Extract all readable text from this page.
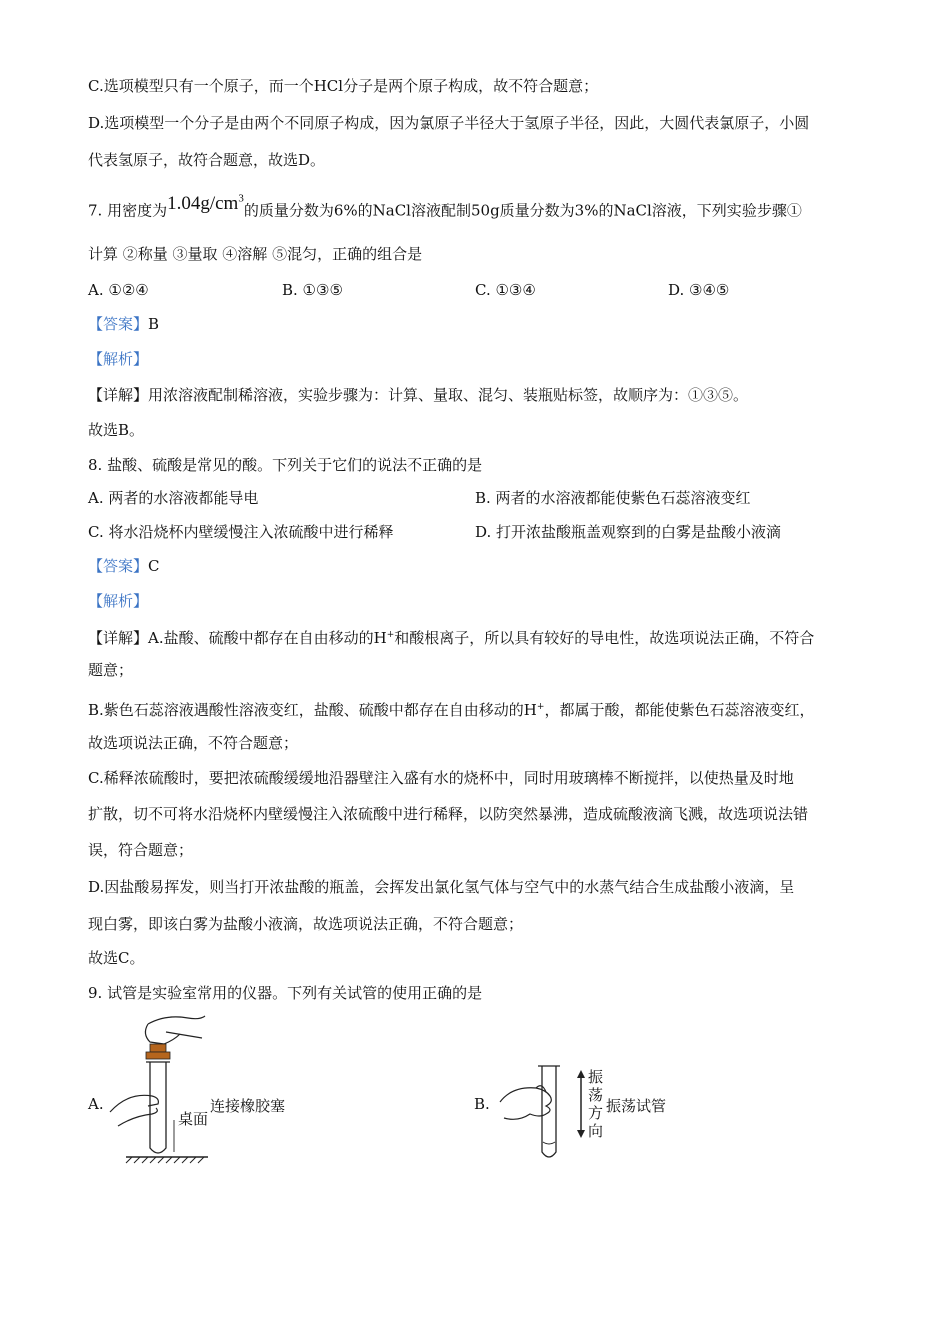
C.选项模型只有一个原子，而一个HCl分子是两个原子构成，故不符合题意；
D.选项模型一个分子是由两个不同原子构成，因为氯原子半径大于氢原子半径，因此，大圆代表氯原子，小圆
代表氢原子，故符合题意，故选D。
7. 用密度为$1.04g/cm^3$的质量分数为6%的NaCl溶液配制50g质量分数为3%的NaCl溶液，下列实验步骤①
计算 ②称量 ③量取 ④溶解 ⑤混匀，正确的组合是
A. ①②④	B. ①③⑤	C. ①③④	D. ③④⑤
【答案】B
【解析】
【详解】用浓溶液配制稀溶液，实验步骤为：计算、量取、混匀、装瓶贴标签，故顺序为：①③⑤。
故选B。
8. 盐酸、硫酸是常见的酸。下列关于它们的说法不正确的是
A. 两者的水溶液都能导电	B. 两者的水溶液都能使紫色石蕊溶液变红
C. 将水沿烧杯内壁缓慢注入浓硫酸中进行稀释	D. 打开浓盐酸瓶盖观察到的白雾是盐酸小液滴
【答案】C
【解析】
【详解】A.盐酸、硫酸中都存在自由移动的H+和酸根离子，所以具有较好的导电性，故选项说法正确，不符合
题意；
B.紫色石蕊溶液遇酸性溶液变红，盐酸、硫酸中都存在自由移动的H+，都属于酸，都能使紫色石蕊溶液变红，
故选项说法正确，不符合题意；
C.稀释浓硫酸时，要把浓硫酸缓缓地沿器壁注入盛有水的烧杯中，同时用玻璃棒不断搅拌，以使热量及时地
扩散，切不可将水沿烧杯内壁缓慢注入浓硫酸中进行稀释，以防突然暴沸，造成硫酸液滴飞溅，故选项说法错
误，符合题意；
D.因盐酸易挥发，则当打开浓盐酸的瓶盖，会挥发出氯化氢气体与空气中的水蒸气结合生成盐酸小液滴，呈
现白雾，即该白雾为盐酸小液滴，故选项说法正确，不符合题意；
故选C。
9. 试管是实验室常用的仪器。下列有关试管的使用正确的是
A.
桌面
连接橡胶塞	B.
振
荡
方
向
振荡试管
